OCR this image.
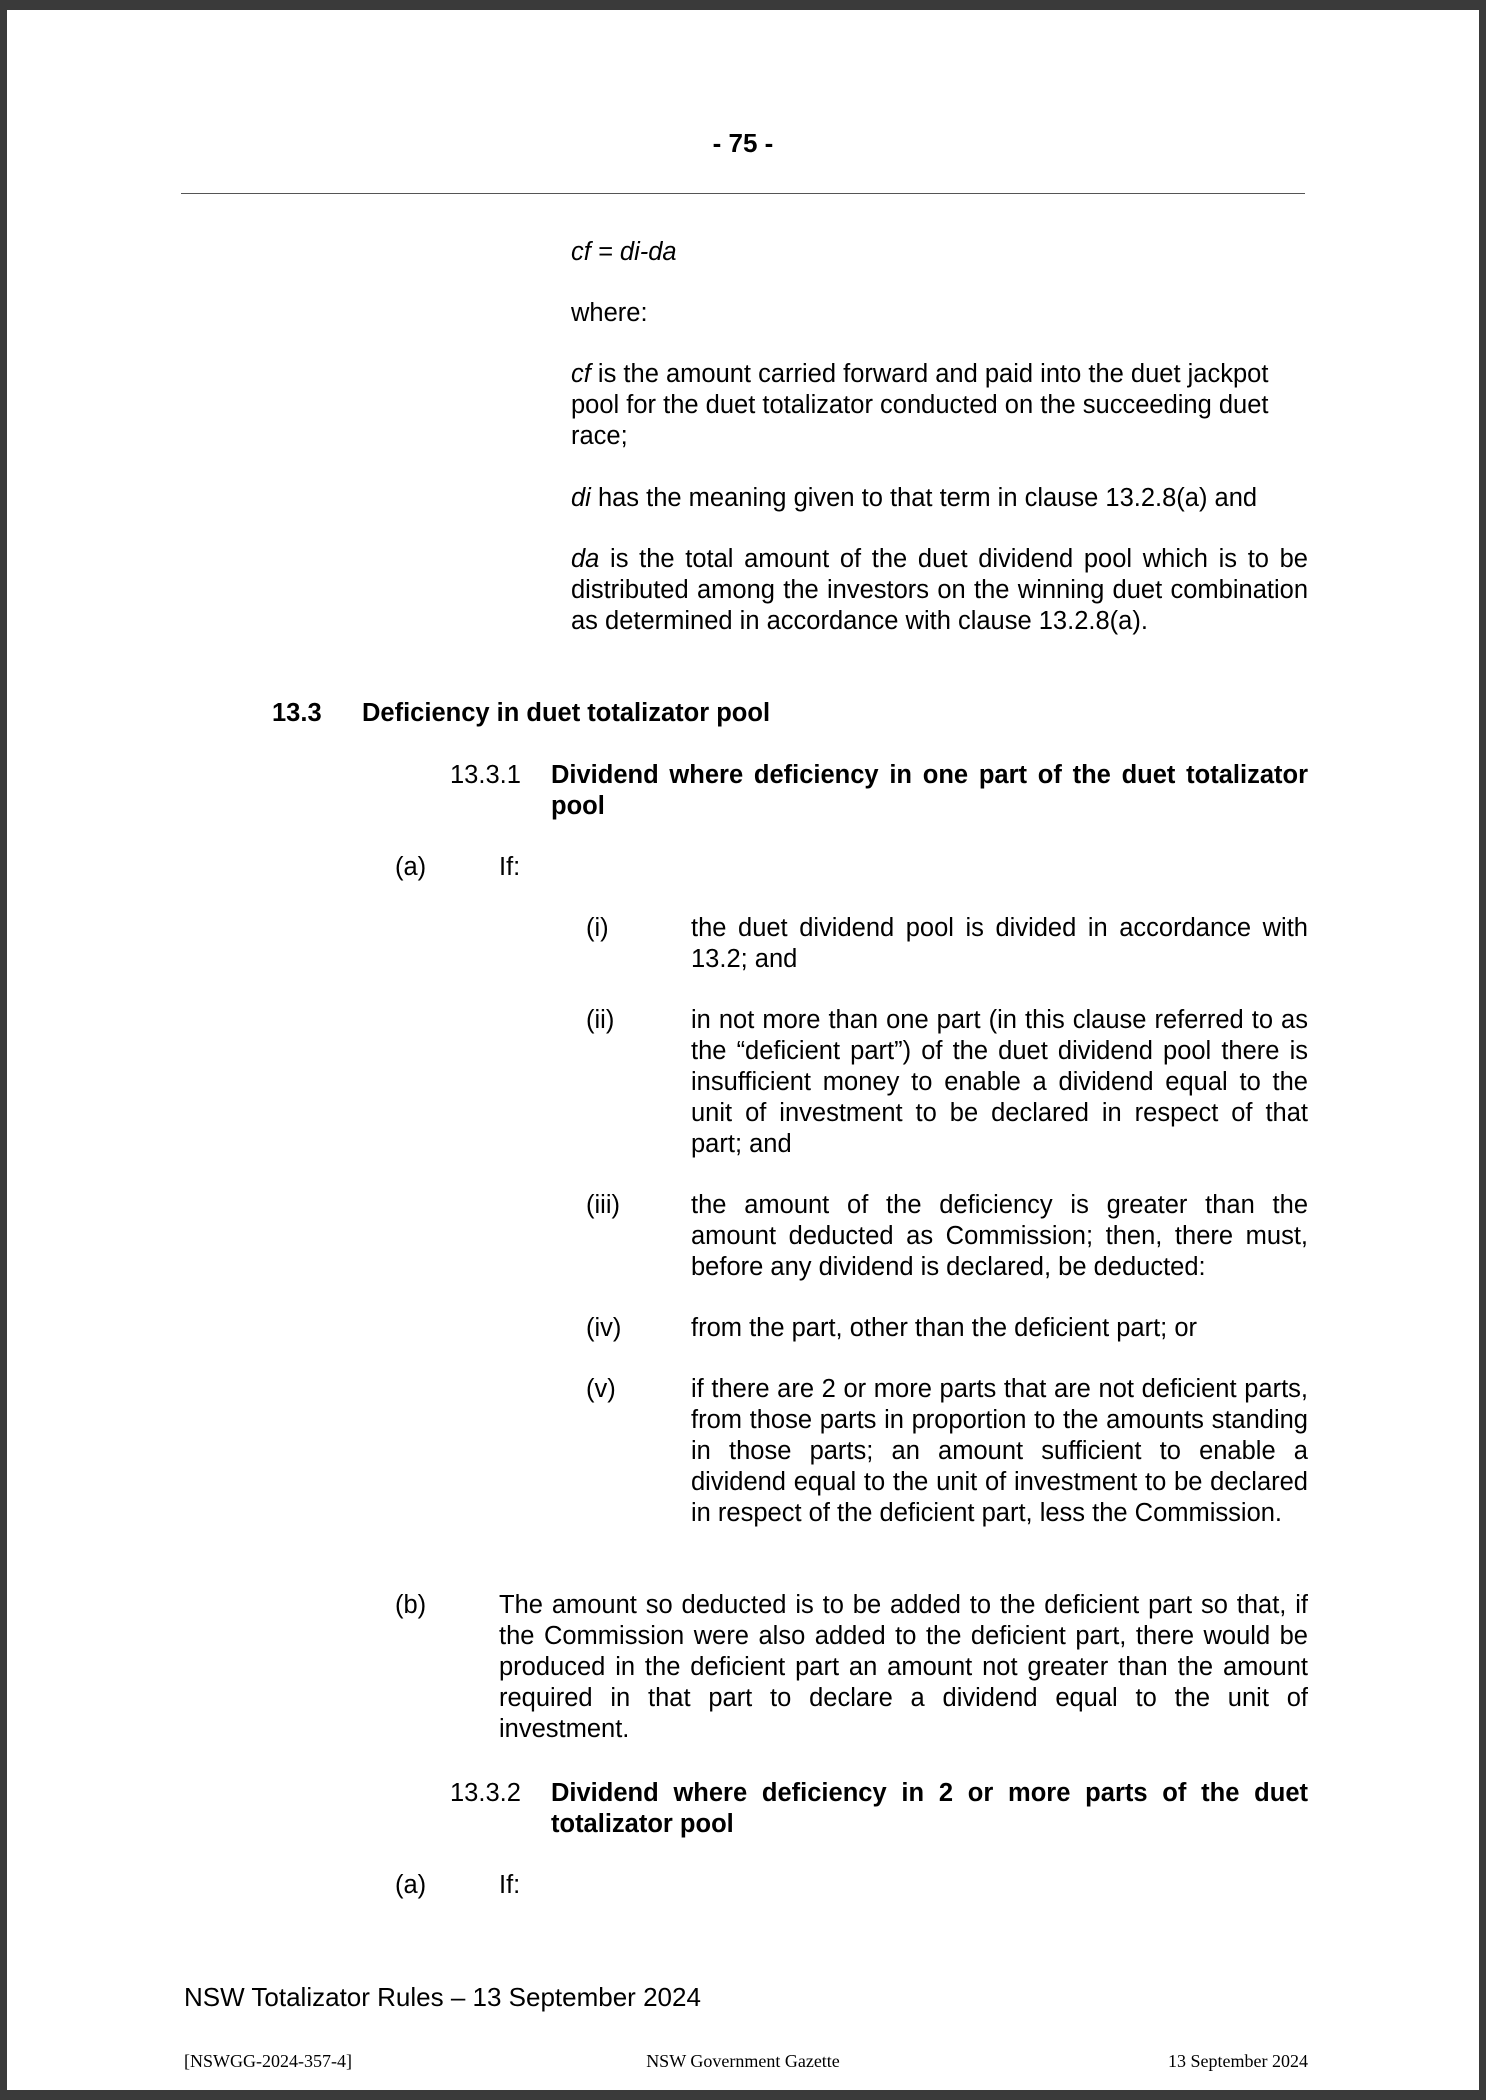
- 75 -
cf = di-da
where:
cf is the amount carried forward and paid into the duet jackpot pool for the duet totalizator conducted on the succeeding duet race;
di has the meaning given to that term in clause 13.2.8(a) and
da is the total amount of the duet dividend pool which is to be distributed among the investors on the winning duet combination as determined in accordance with clause 13.2.8(a).
13.3 Deficiency in duet totalizator pool
13.3.1 Dividend where deficiency in one part of the duet totalizator pool
(a)	If:
(i)	the duet dividend pool is divided in accordance with 13.2; and
(ii)	in not more than one part (in this clause referred to as the “deficient part”) of the duet dividend pool there is insufficient money to enable a dividend equal to the unit of investment to be declared in respect of that part; and
(iii)	the amount of the deficiency is greater than the amount deducted as Commission; then, there must, before any dividend is declared, be deducted:
(iv)	from the part, other than the deficient part; or
(v)	if there are 2 or more parts that are not deficient parts, from those parts in proportion to the amounts standing in those parts; an amount sufficient to enable a dividend equal to the unit of investment to be declared in respect of the deficient part, less the Commission.
(b)	The amount so deducted is to be added to the deficient part so that, if the Commission were also added to the deficient part, there would be produced in the deficient part an amount not greater than the amount required in that part to declare a dividend equal to the unit of investment.
13.3.2 Dividend where deficiency in 2 or more parts of the duet totalizator pool
(a)	If:
NSW Totalizator Rules – 13 September 2024
[NSWGG-2024-357-4]	NSW Government Gazette	13 September 2024
